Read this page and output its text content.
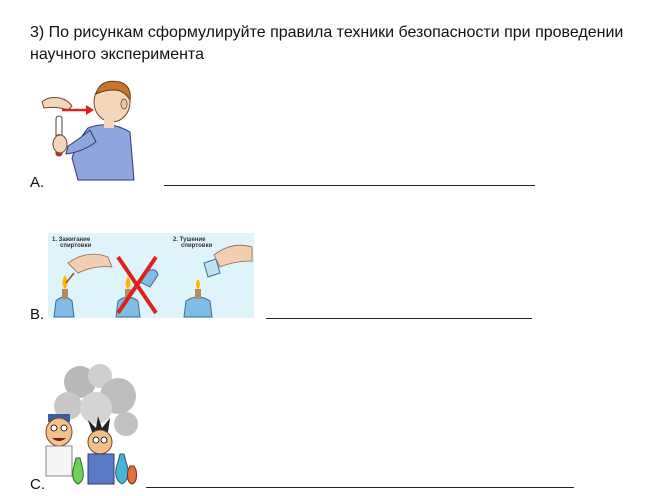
3) По рисункам сформулируйте правила техники безопасности при проведении
научного эксперимента
A.
1. Зажигание
спиртовки
2. Тушение
спиртовки
B.
C.
